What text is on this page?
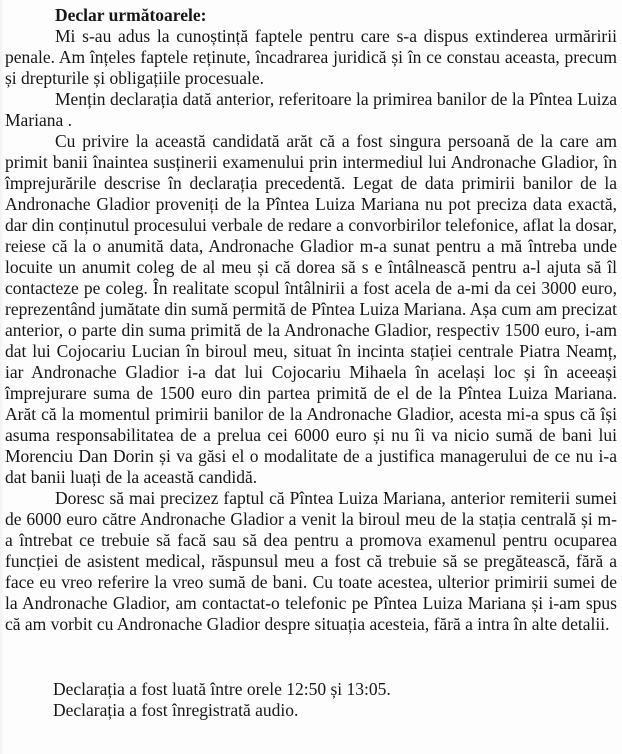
Declar următoarele:

Mi s-au adus la cunoștință faptele pentru care s-a dispus extinderea urmăririi penale. Am înțeles faptele reținute, încadrarea juridică și în ce constau aceasta, precum și drepturile și obligațiile procesuale.

Mențin declarația dată anterior, referitoare la primirea banilor de la Pîntea Luiza Mariana .

Cu privire la această candidată arăt că a fost singura persoană de la care am primit banii înaintea susținerii examenului prin intermediul lui Andronache Gladior, în împrejurările descrise în declarația precedentă. Legat de data primirii banilor de la Andronache Gladior proveniți de la Pîntea Luiza Mariana nu pot preciza data exactă, dar din conținutul procesului verbale de redare a convorbirilor telefonice, aflat la dosar, reiese că la o anumită data, Andronache Gladior m-a sunat pentru a mă întreba unde locuite un anumit coleg de al meu și că dorea să s e întâlnească pentru a-l ajuta să îl contacteze pe coleg. În realitate scopul întâlnirii a fost acela de a-mi da cei 3000 euro, reprezentând jumătate din sumă permită de Pîntea Luiza Mariana. Așa cum am precizat anterior, o parte din suma primită de la Andronache Gladior, respectiv 1500 euro, i-am dat lui Cojocariu Lucian în biroul meu, situat în incinta stației centrale Piatra Neamț, iar Andronache Gladior i-a dat lui Cojocariu Mihaela în același loc și în aceeași împrejurare suma de 1500 euro din partea primită de el de la Pîntea Luiza Mariana. Arăt că la momentul primirii banilor de la Andronache Gladior, acesta mi-a spus că își asuma responsabilitatea de a prelua cei 6000 euro și nu îi va nicio sumă de bani lui Morenciu Dan Dorin și va găsi el o modalitate de a justifica managerului de ce nu i-a dat banii luați de la această candidă.

Doresc să mai precizez faptul că Pîntea Luiza Mariana, anterior remiterii sumei de 6000 euro către Andronache Gladior a venit la biroul meu de la stația centrală și m-a întrebat ce trebuie să facă sau să dea pentru a promova examenul pentru ocuparea funcției de asistent medical, răspunsul meu a fost că trebuie să se pregătească, fără a face eu vreo referire la vreo sumă de bani. Cu toate acestea, ulterior primirii sumei de la Andronache Gladior, am contactat-o telefonic pe Pîntea Luiza Mariana și i-am spus că am vorbit cu Andronache Gladior despre situația acesteia, fără a intra în alte detalii.

Declarația a fost luată între orele 12:50 și 13:05.

Declarația a fost înregistrată audio.
